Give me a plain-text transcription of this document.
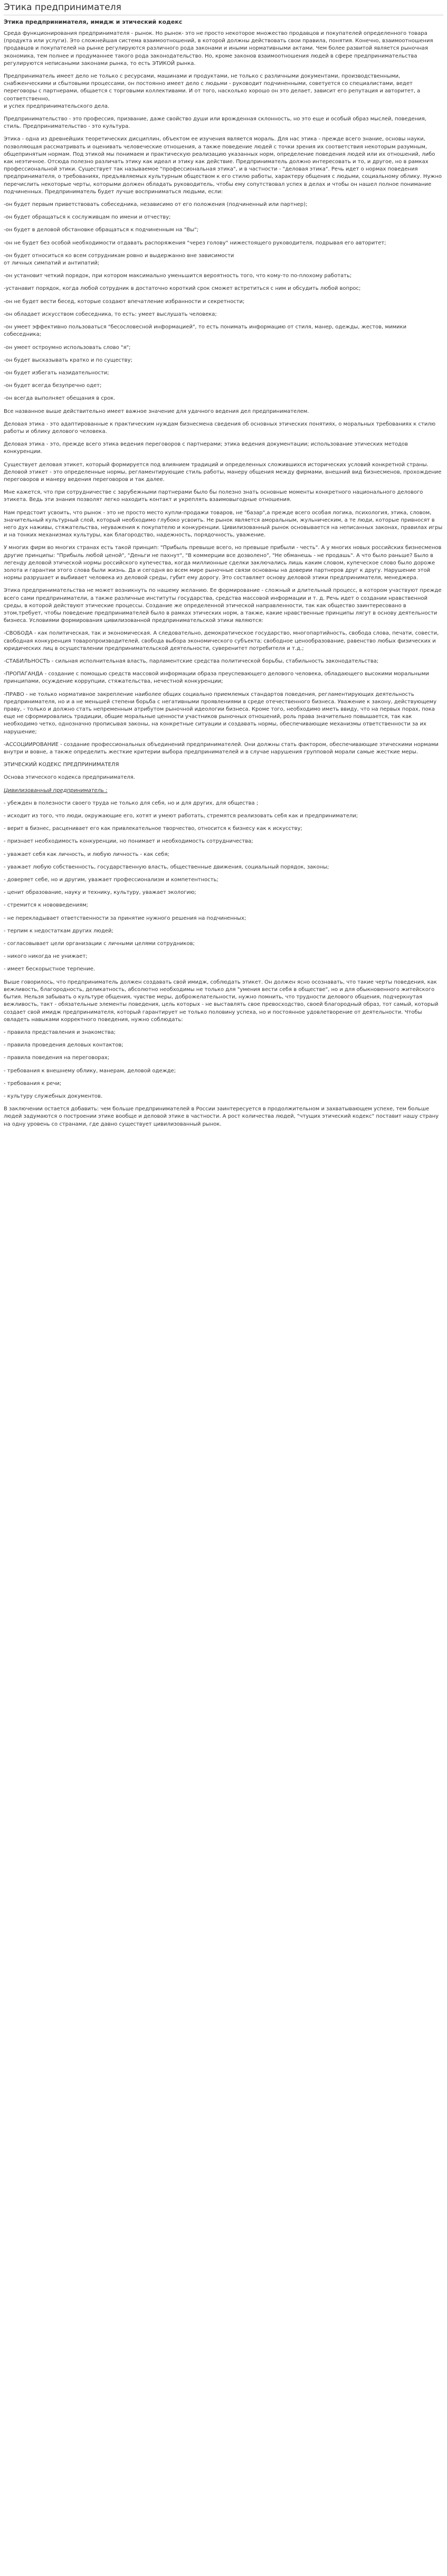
Этика предпринимателя
Этика предпринимателя, имидж и этический кодекс

Среда функционирования предпринимателя - рынок. Но рынок- это не просто некоторое множество продавцов и покупателей определенного товара (продукта или услуги). Это сложнейшая система взаимоотношений, в которой должны действовать свои правила, понятия. Конечно, взаимоотношения продавцов и покупателей на рынке регулируются различного рода законами и иными нормативными актами. Чем более развитой является рыночная экономика, тем полнее и продуманнее такого рода законодательство. Но, кроме законов взаимоотношения людей в сфере предпринимательства регулируются неписаными законами рынка, то есть ЭТИКОЙ рынка.

Предприниматель имеет дело не только с ресурсами, машинами и продуктами, не только с различными документами, производственными, снабженческими и сбытовыми процессами, он постоянно имеет дело с людьми - руководит подчиненными, советуется со специалистами, ведет переговоры с партнерами, общается с торговыми коллективами. И от того, насколько хорошо он это делает, зависит его репутация и авторитет, а соответственно,
и успех предпринимательского дела.

Предпринимательство - это профессия, призвание, даже свойство души или врожденная склонность, но это еще и особый образ мыслей, поведения, стиль. Предпринимательство - это культура.

Этика - одна из древнейших теоретических дисциплин, объектом ее изучения является мораль. Для нас этика - прежде всего знание, основы науки, позволяющая рассматривать и оценивать человеческие отношения, а также поведение людей с точки зрения их соответствия некоторым разумным, общепринятым нормам. Под этикой мы понимаем и практическую реализацию указанных норм, определение поведения людей или их отношений, либо как неэтичное. Отсюда полезно различать этику как идеал и этику как действие. Предприниматель должно интересовать и то, и другое, но в рамках профессиональной этики. Существует так называемое "профессиональная этика", и в частности - "деловая этика". Речь идет о нормах поведения предпринимателя, о требованиях, предъявляемых культурным обществом к его стилю работы, характеру общения с людьми, социальному облику. Нужно перечислить некоторые черты, которыми должен обладать руководитель, чтобы ему сопутствовал успех в делах и чтобы он нашел полное понимание подчиненных. Предприниматель будет лучше восприниматься людьми, если:

-он будет первым приветствовать собеседника, независимо от его положения (подчиненный или партнер);

-он будет обращаться к сослуживцам по имени и отчеству;

-он будет в деловой обстановке обращаться к подчиненным на "Вы";

-он не будет без особой необходимости отдавать распоряжения "через голову" нижестоящего руководителя, подрывая его авторитет;

-он будет относиться ко всем сотрудникам ровно и выдержанно вне зависимости
от личных симпатий и антипатий;

-он установит четкий порядок, при котором максимально уменьшится вероятность того, что кому-то по-плохому работать;

-устанавит порядок, когда любой сотрудник в достаточно короткий срок сможет встретиться с ним и обсудить любой вопрос;

-он не будет вести бесед, которые создают впечатление избранности и секретности;

-он обладает искусством собеседника, то есть: умеет выслушать человека;

-он умеет эффективно пользоваться "бесословесной информацией", то есть понимать информацию от стиля, манер, одежды, жестов, мимики собеседника;

-он умеет остроумно использовать слово "я";

-он будет высказывать кратко и по существу;

-он будет избегать назидательности;

-он будет всегда безупречно одет;

-он всегда выполняет обещания в срок.

Все названное выше действительно имеет важное значение для удачного ведения дел предпринимателем.

Деловая этика - это адаптированные к практическим нуждам бизнесмена сведения об основных этических понятиях, о моральных требованиях к стилю работы и облику делового человека.

Деловая этика - это, прежде всего этика ведения переговоров с партнерами; этика ведения документации; использование этических методов конкуренции.

Существует деловая этикет, который формируется под влиянием традиций и определенных сложившихся исторических условий конкретной страны. Деловой этикет - это определенные нормы, регламентирующие стиль работы, манеру общения между фирмами, внешний вид бизнесменов, прохождение переговоров и манеру ведения переговоров и так далее.

Мне кажется, что при сотрудничестве с зарубежными партнерами было бы полезно знать основные моменты конкретного национального делового этикета. Ведь эти знания позволят легко находить контакт и укреплять взаимовыгодные отношения.

Нам предстоит усвоить, что рынок - это не просто место купли-продажи товаров, не "базар",а прежде всего особая логика, психология, этика, словом, значительный культурный слой, который необходимо глубоко усвоить. Не рынок является аморальным, жульническим, а те люди, которые привносят в него дух наживы, стяжательства, неуважения к покупателю и конкуренции. Цивилизованный рынок основывается на неписанных законах, правилах игры и на тонких механизмах культуры, как благородство, надежность, порядочность, уважение.

У многих фирм во многих странах есть такой принцип: "Прибыль превыше всего, но превыше прибыли - честь". А у многих новых российских бизнесменов другие принципы: "Прибыль любой ценой", "Деньги не пахнут", "В коммерции все дозволено", "Не обманешь - не продашь". А что было раньше? Было в легенду деловой этической нормы российского купечества, когда миллионные сделки заключались лишь каким словом, купеческое слово было дороже золота и гарантии этого слова были жизнь. Да и сегодня во всем мире рыночные связи основаны на доверии партнеров друг к другу. Нарушение этой нормы разрушает и выбивает человека из деловой среды, губит ему дорогу. Это составляет основу деловой этики предпринимателя, менеджера.

Этика предпринимательства не может возникнуть по нашему желанию. Ее формирование - сложный и длительный процесс, в котором участвуют прежде всего сами предприниматели, а также различные институты государства, средства массовой информации и т. д. Речь идет о создании нравственной среды, в которой действуют этические процессы. Создание же определенной этической направленности, так как общество заинтересовано в этом,требует, чтобы поведение предпринимателей было в рамках этических норм, а также, какие нравственные принципы лягут в основу деятельности бизнеса. Условиями формирования цивилизованной предпринимательской этики являются:

-СВОБОДА - как политическая, так и экономическая. А следовательно, демократическое государство, многопартийность, свобода слова, печати, совести, свободная конкуренция товаропроизводителей, свобода выбора экономического субъекта; свободное ценообразование, равенство любых физических и юридических лиц в осуществлении предпринимательской деятельности, суверенитет потребителя и т.д.;

-СТАБИЛЬНОСТЬ - сильная исполнительная власть, парламентские средства политической борьбы, стабильность законодательства;

-ПРОПАГАНДА - создание с помощью средств массовой информации образа преуспевающего делового человека, обладающего высокими моральными принципами, осуждение коррупции, стяжательства, нечестной конкуренции;

-ПРАВО - не только нормативное закрепление наиболее общих социально приемлемых стандартов поведения, регламентирующих деятельность предпринимателя, но и а не меньшей степени борьба с негативными проявлениями в среде отечественного бизнеса. Уважение к закону, действующему праву, - только и должно стать непременным атрибутом рыночной идеологии бизнеса. Кроме того, необходимо иметь ввиду, что на первых порах, пока еще не сформировались традиции, общие моральные ценности участников рыночных отношений, роль права значительно повышается, так как необходимо четко, однозначно прописывая законы, на конкретные ситуации и создавать нормы, обеспечивающие механизмы ответственности за их нарушение;

-АССОЦИИРОВАНИЕ - создание профессиональных объединений предпринимателей. Они должны стать фактором, обеспечивающие этическими нормами внутри и вовне, а также определить жесткие критерии выбора предпринимателей и в случае нарушения групповой морали самые жесткие меры.

ЭТИЧЕСКИЙ КОДЕКС ПРЕДПРИНИМАТЕЛЯ

Основа этического кодекса предпринимателя.

Цивилизованный предприниматель :

- убежден в полезности своего труда не только для себя, но и для других, для общества ;

- исходит из того, что люди, окружающие его, хотят и умеют работать, стремятся реализовать себя как и предприниматели;

- верит в бизнес, расценивает его как привлекательное творчество, относится к бизнесу как к искусству;

- признает необходимость конкуренции, но понимает и необходимость сотрудничества;

- уважает себя как личность, и любую личность - как себя;

- уважает любую собственность, государственную власть, общественные движения, социальный порядок, законы;

- доверяет себе, но и другим, уважает профессионализм и компетентность;

- ценит образование, науку и технику, культуру, уважает экологию;

- стремится к нововведениям;

- не перекладывает ответственности за принятие нужного решения на подчиненных;

- терпим к недостаткам других людей;

- согласовывает цели организации с личными целями сотрудников;

- никого никогда не унижает;

- имеет бескорыстное терпение.

Выше говорилось, что предприниматель должен создавать свой имидж, соблюдать этикет. Он должен ясно осознавать, что такие черты поведения, как вежливость, благородность, деликатность, абсолютно необходимы не только для "умения вести себя в обществе", но и для обыкновенного житейского бытия. Нельзя забывать о культуре общения, чувстве меры, доброжелательности, нужно помнить, что трудности делового общения, подчеркнутая вежливость, такт - обязательные элементы поведения, цель которых - не выставлять свое превосходство, своей благородный образ, тот самый, который создает свой имидж предпринимателя, который гарантирует не только половину успеха, но и постоянное удовлетворение от деятельности. Чтобы овладеть навыками корректного поведения, нужно соблюдать:

- правила представления и знакомства;

- правила проведения деловых контактов;

- правила поведения на переговорах;

- требования к внешнему облику, манерам, деловой одежде;

- требования к речи;

- культуру служебных документов.

В заключении остается добавить: чем больше предпринимателей в России заинтересуется в продолжительном и захватывающем успехе, тем больше людей задумаются о построении этике вообще и деловой этике в частности. А рост количества людей, "чтущих этический кодекс" поставит нашу страну на одну уровень со странами, где давно существует цивилизованный рынок.
